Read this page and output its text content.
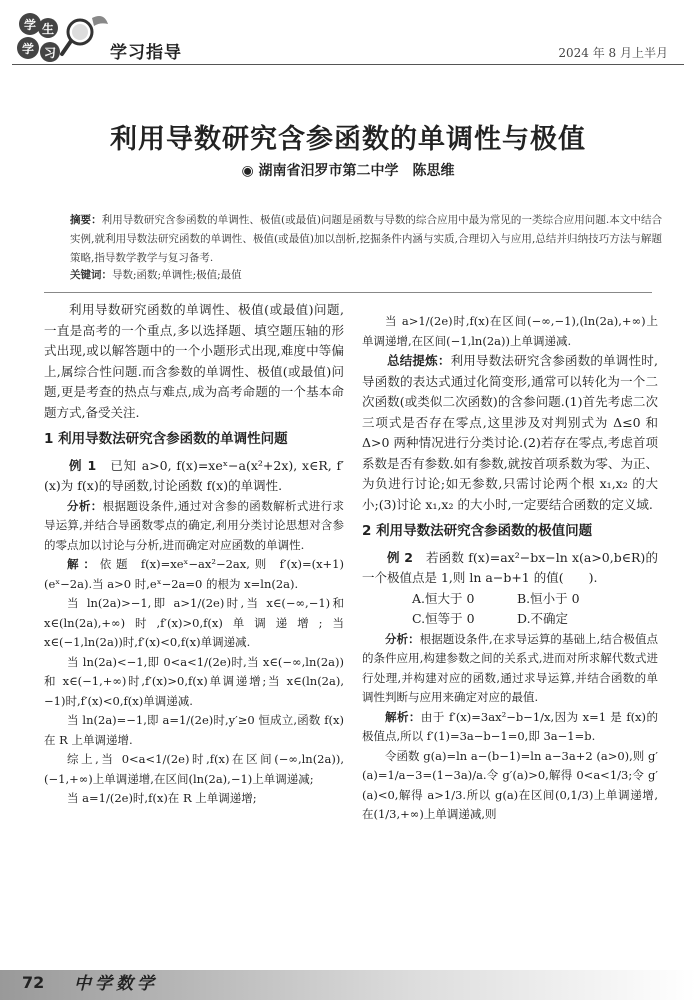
学 生
学 习	学习指导	2024 年 8 月上半月
利用导数研究含参函数的单调性与极值
◉ 湖南省汨罗市第二中学　陈思维
摘要：利用导数研究含参函数的单调性、极值(或最值)问题是函数与导数的综合应用中最为常见的一类综合应用问题.本文中结合实例,就利用导数法研究函数的单调性、极值(或最值)加以剖析,挖掘条件内涵与实质,合理切入与应用,总结并归纳技巧方法与解题策略,指导数学教学与复习备考.
关键词：导数;函数;单调性;极值;最值

利用导数研究函数的单调性、极值(或最值)问题,一直是高考的一个重点,多以选择题、填空题压轴的形式出现,或以解答题中的一个小题形式出现,难度中等偏上,属综合性问题.而含参数的单调性、极值(或最值)问题,更是考查的热点与难点,成为高考命题的一个基本命题方式,备受关注.

1 利用导数法研究含参函数的单调性问题

例 1　 已知 a>0, f(x)=xeˣ−a(x²+2x), x∈R, f′(x)为 f(x)的导函数,讨论函数 f(x)的单调性.

分析：根据题设条件,通过对含参的函数解析式进行求导运算,并结合导函数零点的确定,利用分类讨论思想对含参的零点加以讨论与分析,进而确定对应函数的单调性.

解：依题 f(x)=xeˣ−ax²−2ax,则 f′(x)=(x+1)(eˣ−2a).当 a>0 时,eˣ−2a=0 的根为 x=ln(2a).

当 ln(2a)>−1,即 a>1/(2e)时,当 x∈(−∞,−1)和 x∈(ln(2a),+∞)时,f′(x)>0,f(x)单调递增;当 x∈(−1,ln(2a))时,f′(x)<0,f(x)单调递减.

当 ln(2a)<−1,即 0<a<1/(2e)时,当 x∈(−∞,ln(2a))和 x∈(−1,+∞)时,f′(x)>0,f(x)单调递增;当 x∈(ln(2a),−1)时,f′(x)<0,f(x)单调递减.

当 ln(2a)=−1,即 a=1/(2e)时,y′≥0 恒成立,函数 f(x)在 R 上单调递增.

综上,当 0<a<1/(2e)时,f(x)在区间(−∞,ln(2a)),(−1,+∞)上单调递增,在区间(ln(2a),−1)上单调递减;

当 a=1/(2e)时,f(x)在 R 上单调递增;

当 a>1/(2e)时,f(x)在区间(−∞,−1),(ln(2a),+∞)上单调递增,在区间(−1,ln(2a))上单调递减.

总结提炼：利用导数法研究含参函数的单调性时,导函数的表达式通过化简变形,通常可以转化为一个二次函数(或类似二次函数)的含参问题.(1)首先考虑二次三项式是否存在零点,这里涉及对判别式为 Δ≤0 和 Δ>0 两种情况进行分类讨论.(2)若存在零点,考虑首项系数是否有参数.如有参数,就按首项系数为零、为正、为负进行讨论;如无参数,只需讨论两个根 x₁,x₂ 的大小;(3)讨论 x₁,x₂ 的大小时,一定要结合函数的定义域.

2 利用导数法研究含参函数的极值问题

例 2　 若函数 f(x)=ax²−bx−ln x(a>0,b∈R)的一个极值点是 1,则 ln a−b+1 的值(　　).

A.恒大于 0	B.恒小于 0

C.恒等于 0	D.不确定

分析：根据题设条件,在求导运算的基础上,结合极值点的条件应用,构建参数之间的关系式,进而对所求解代数式进行处理,并构建对应的函数,通过求导运算,并结合函数的单调性判断与应用来确定对应的最值.

解析：由于 f′(x)=3ax²−b−1/x,因为 x=1 是 f(x)的极值点,所以 f′(1)=3a−b−1=0,即 3a−1=b.

令函数 g(a)=ln a−(b−1)=ln a−3a+2 (a>0),则 g′(a)=1/a−3=(1−3a)/a.令 g′(a)>0,解得 0<a<1/3;令 g′(a)<0,解得 a>1/3.所以 g(a)在区间(0,1/3)上单调递增,在(1/3,+∞)上单调递减,则

72 中学数学
